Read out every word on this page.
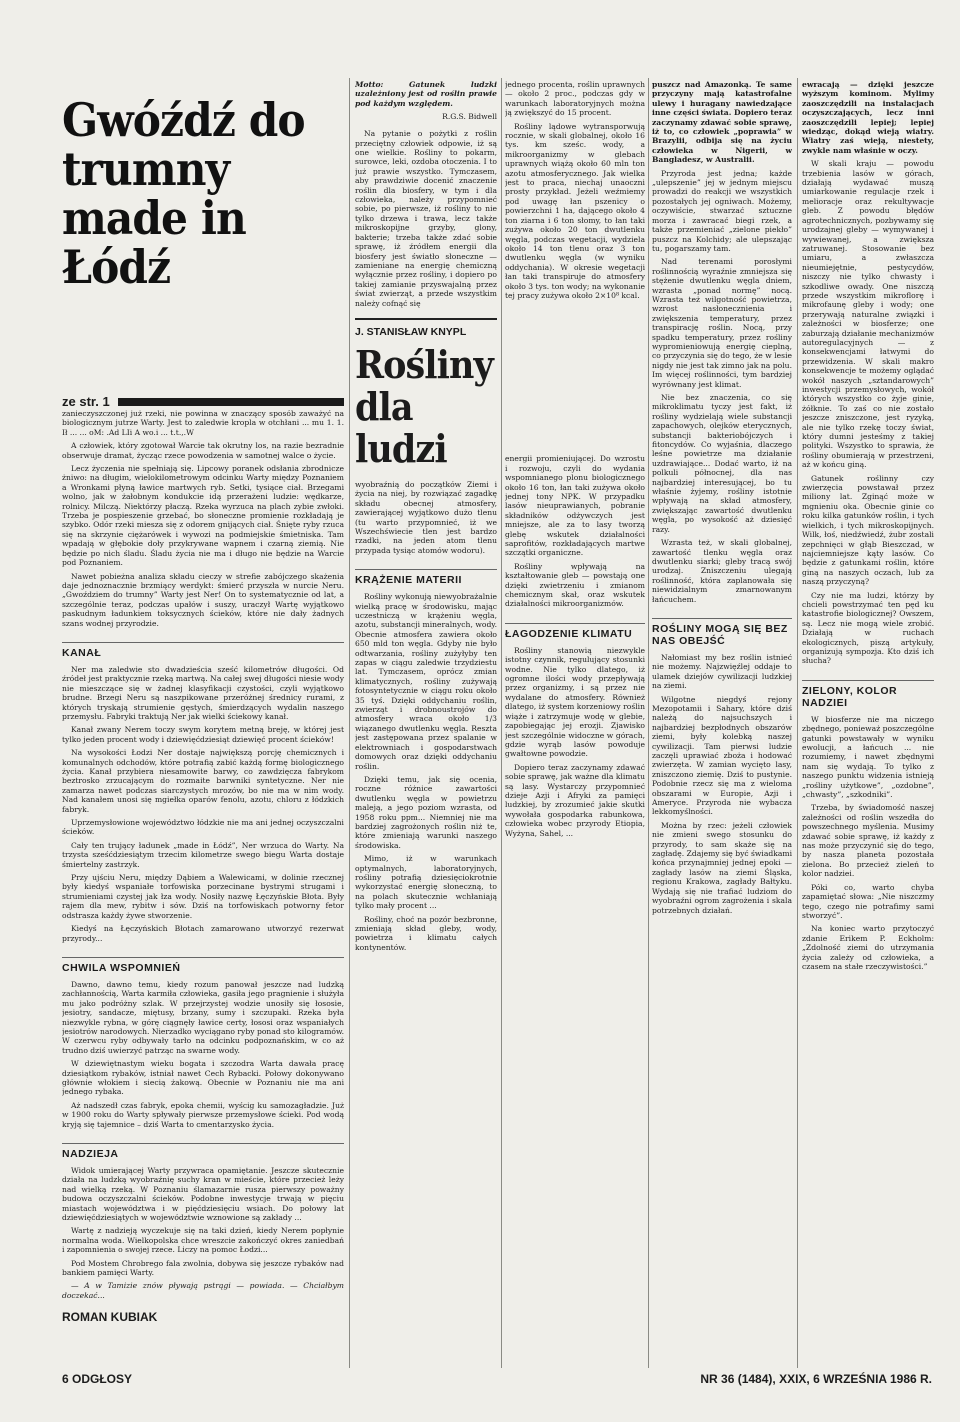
Gwóźdź do trumny made in Łódź
ze str. 1

zanieczyszczonej już rzeki, nie powinna w znaczący sposób zaważyć na biologicznym jutrze Warty. Jest to zaledwie kropla w otchłani ... mu 1. 1. Ił ... ... oM: .Ad LIi A wo.i ... t.t.,.W

A człowiek, który zgotował Warcie tak okrutny los, na razie bezradnie obserwuje dramat, życząc rzece powodzenia w samotnej walce o życie.

Lecz życzenia nie spełniają się. Lipcowy poranek odsłania zbrodnicze żniwo: na długim, wielokilometrowym odcinku Warty między Poznaniem a Wronkami płyną ławice martwych ryb. Setki, tysiące ciał. Brzegami wolno, jak w żałobnym kondukcie idą przerażeni ludzie: wędkarze, rolnicy. Milczą. Niektórzy płaczą. Rzeka wyrzuca na plach zybie zwłoki. Trzeba je pospieszenie grzebać, bo słoneczne promienie rozkładają je szybko. Odór rzeki miesza się z odorem gnijących ciał. Śnięte ryby rzuca się na skrzynie ciężarówek i wywozi na podmiejskie śmietniska. Tam wpadają w głębokie doły przykrywane wapnem i czarną ziemią. Nie będzie po nich śladu. Śladu życia nie ma i długo nie będzie na Warcie pod Poznaniem.

Nawet pobieżna analiza składu cieczy w strefie zabójczego skażenia daje jednoznacznie brzmiący werdykt: śmierć przyszła w nurcie Neru. „Gwoździem do trumny” Warty jest Ner! On to systematycznie od lat, a szczególnie teraz, podczas upałów i suszy, uraczył Wartę wyjątkowo paskudnym ładunkiem toksycznych ścieków, które nie dały żadnych szans wodnej przyrodzie.

KANAŁ

Ner ma zaledwie sto dwadzieścia sześć kilometrów długości. Od źródeł jest praktycznie rzeką martwą. Na całej swej długości niesie wody nie mieszczące się w żadnej klasyfikacji czystości, czyli wyjątkowo brudne. Brzegi Neru są naszpikowane przeróżnej średnicy rurami, z których tryskają strumienie gęstych, śmierdzących wydalin naszego przemysłu. Fabryki traktują Ner jak wielki ściekowy kanał.

Kanał zwany Nerem toczy swym korytem metną breję, w której jest tylko jeden procent wody i dziewięćdziesiąt dziewięć procent ścieków!

Na wysokości Łodzi Ner dostaje największą porcję chemicznych i komunalnych odchodów, które potrafią zabić każdą formę biologicznego życia. Kanał przybiera niesamowite barwy, co zawdzięcza fabrykom beztrosko zrzucającym do rozmaite barwniki syntetyczne. Ner nie zamarza nawet podczas siarczystych mrozów, bo nie ma w nim wody. Nad kanałem unosi się mgiełka oparów fenolu, azotu, chloru z łódzkich fabryk.

Uprzemysłowione województwo łódzkie nie ma ani jednej oczyszczalni ścieków.

Cały ten trujący ładunek „made in Łódź”, Ner wrzuca do Warty. Na trzysta sześćdziesiątym trzecim kilometrze swego biegu Warta dostaje śmiertelny zastrzyk.

Przy ujściu Neru, między Dąbiem a Walewicami, w dolinie rzecznej były kiedyś wspaniałe torfowiska porzecinane bystrymi strugami i strumieniami czystej jak łza wody. Nosiły nazwę Łęczyńskie Błota. Były rajem dla mew, rybitw i sów. Dziś na torfowiskach potworny fetor odstrasza każdy żywe stworzenie.

Kiedyś na Łęczyńskich Błotach zamarowano utworzyć rezerwat przyrody...

CHWILA WSPOMNIEŃ

Dawno, dawno temu, kiedy rozum panował jeszcze nad ludzką zachłannością, Warta karmiła człowieka, gasiła jego pragnienie i służyła mu jako podróżny szlak. W przejrzystej wodzie unosiły się łososie, jesiotry, sandacze, miętusy, brzany, sumy i szczupaki. Rzeka była niezwykle rybna, w górę ciągnęły ławice certy, łososi oraz wspaniałych jesiotrów narodowych. Nierzadko wyciągano ryby ponad sto kilogramów. W czerwcu ryby odbywały tarło na odcinku podpoznańskim, w co aż trudno dziś uwierzyć patrząc na swarne wody.

W dziewiętnastym wieku bogata i szczodra Warta dawała pracę dziesiątkom rybaków, istniał nawet Cech Rybacki. Połowy dokonywano głównie włokiem i siecią żakową. Obecnie w Poznaniu nie ma ani jednego rybaka.

Aż nadszedł czas fabryk, epoka chemii, wyścig ku samozagładzie. Już w 1900 roku do Warty spływały pierwsze przemysłowe ścieki. Pod wodą kryją się tajemnice – dziś Warta to cmentarzysko życia.

NADZIEJA

Widok umierającej Warty przywraca opamiętanie. Jeszcze skutecznie działa na ludzką wyobraźnię suchy kran w mieście, które przecież leży nad wielką rzeką. W Poznaniu ślamazarnie rusza pierwszy poważny budowa oczyszczalni ścieków. Podobne inwestycje trwają w pięciu miastach województwa i w pięćdziesięciu wsiach. Do połowy lat dziewięćdziesiątych w województwie wznowione są zakłady ...

Wartę z nadzieją wyczekuje się na taki dzień, kiedy Nerem popłynie normalna woda. Wielkopolska chce wreszcie zakończyć okres zaniedbań i zapomnienia o swojej rzece. Liczy na pomoc Łodzi...

Pod Mostem Chrobrego fala zwolnia, dobywa się jeszcze rybaków nad bankiem pamięci Warty.

— A w Tamizie znów pływają pstrągi — powiada. — Chciałbym doczekać...

ROMAN KUBIAK

Motto: Gatunek ludzki uzależniony jest od roślin prawie pod każdym względem.

R.G.S. Bidwell

Na pytanie o pożytki z roślin przeciętny człowiek odpowie, iż są one wielkie. Rośliny to pokarm, surowce, leki, ozdoba otoczenia. I to już prawie wszystko. Tymczasem, aby prawdziwie docenić znaczenie roślin dla biosfery, w tym i dla człowieka, należy przypomnieć sobie, po pierwsze, iż rośliny to nie tylko drzewa i trawa, lecz także mikroskopijne grzyby, glony, bakterie; trzeba także zdać sobie sprawę, iż źródłem energii dla biosfery jest światło słoneczne — zamieniane na energię chemiczną wyłącznie przez rośliny, i dopiero po takiej zamianie przyswajalną przez świat zwierząt, a przede wszystkim należy cofnąć się

J. STANISŁAW KNYPL
Rośliny dla ludzi

wyobraźnią do początków Ziemi i życia na niej, by rozwiązać zagadkę składu obecnej atmosfery, zawierającej wyjątkowo dużo tlenu (tu warto przypomnieć, iż we Wszechświecie tlen jest bardzo rzadki, na jeden atom tlenu przypada tysiąc atomów wodoru).

KRĄŻENIE MATERII

Rośliny wykonują niewyobrażalnie wielką pracę w środowisku, mając uczestniczą w krążeniu węgla, azotu, substancji mineralnych, wody. Obecnie atmosfera zawiera około 650 mld ton węgla. Gdyby nie było odtwarzania, rośliny zużyłyby ten zapas w ciągu zaledwie trzydziestu lat. Tymczasem, oprócz zmian klimatycznych, rośliny zużywają fotosyntetycznie w ciągu roku około 35 tyś. Dzięki oddychaniu roślin, zwierząt i drobnoustrojów do atmosfery wraca około 1/3 wiązanego dwutlenku węgla. Reszta jest zastępowana przez spalanie w elektrowniach i gospodarstwach domowych oraz dzięki oddychaniu roślin.

Dzięki temu, jak się ocenia, roczne różnice zawartości dwutlenku węgla w powietrzu maleją, a jego poziom wzrasta, od 1958 roku ppm... Niemniej nie ma bardziej zagrożonych roślin niż te, które zmieniają warunki naszego środowiska.

Mimo, iż w warunkach optymalnych, laboratoryjnych, rośliny potrafią dziesięciokrotnie wykorzystać energię słoneczną, to na polach skutecznie wchłaniają tylko mały procent ...

Rośliny, choć na pozór bezbronne, zmieniają skład gleby, wody, powietrza i klimatu całych kontynentów.

jednego procenta, roślin uprawnych — około 2 proc., podczas gdy w warunkach laboratoryjnych można ją zwiększyć do 15 procent.

Rośliny lądowe wytransporwują rocznie, w skali globalnej, około 16 tys. km sześc. wody, a mikroorganizmy w glebach uprawnych wiążą około 60 mln ton azotu atmosferycznego. Jak wielka jest to praca, niechaj unaoczni prosty przykład. Jeżeli weźmiemy pod uwagę łan pszenicy o powierzchni 1 ha, dającego około 4 ton ziarna i 6 ton słomy, to łan taki zużywa około 20 ton dwutlenku węgla, podczas wegetacji, wydziela około 14 ton tlenu oraz 3 ton dwutlenku węgla (w wyniku oddychania). W okresie wegetacji łan taki transpiruje do atmosfery około 3 tys. ton wody; na wykonanie tej pracy zużywa około 2×10⁸ kcal.

energii promieniującej. Do wzrostu i rozwoju, czyli do wydania wspomnianego plonu biologicznego około 16 ton, łan taki zużywa około jednej tony NPK. W przypadku lasów nieuprawianych, pobranie składników odżywczych jest mniejsze, ale za to lasy tworzą glebę wskutek działalności saprofitów, rozkładających martwe szczątki organiczne.

Rośliny wpływają na kształtowanie gleb — powstają one dzięki zwietrzeniu i zmianom chemicznym skał, oraz wskutek działalności mikroorganizmów.

ŁAGODZENIE KLIMATU

Rośliny stanowią niezwykle istotny czynnik, regulujący stosunki wodne. Nie tylko dlatego, iż ogromne ilości wody przepływają przez organizmy, i są przez nie wydalane do atmosfery. Również dlatego, iż system korzeniowy roślin wiąże i zatrzymuje wodę w glebie, zapobiegając jej erozji. Zjawisko jest szczególnie widoczne w górach, gdzie wyrąb lasów powoduje gwałtowne powodzie.

Dopiero teraz zaczynamy zdawać sobie sprawę, jak ważne dla klimatu są lasy. Wystarczy przypomnieć dzieje Azji i Afryki za pamięci ludzkiej, by zrozumieć jakie skutki wywołała gospodarka rabunkowa, człowieka wobec przyrody Etiopia, Wyżyna, Sahel, ...

puszcz nad Amazonką. Te same przyczyny mają katastrofalne ulewy i huragany nawiedzające inne części świata. Dopiero teraz zaczynamy zdawać sobie sprawę, iż to, co człowiek „poprawia” w Brazylii, odbija się na życiu człowieka w Nigerii, w Bangladesz, w Australii.

Przyroda jest jedna; każde „ulepszenie” jej w jednym miejscu prowadzi do reakcji we wszystkich pozostałych jej ogniwach. Możemy, oczywiście, stwarzać sztuczne morza i zawracać biegi rzek, a także przemieniać „zielone piekło” puszcz na Kolchidy; ale ulepszając tu, pogarszamy tam.

Nad terenami porosłymi roślinnością wyraźnie zmniejsza się stężenie dwutlenku węgla dniem, wzrasta „ponad normę” nocą. Wzrasta też wilgotność powietrza, wzrost nasłonecznienia i zwiększenia temperatury, przez transpirację roślin. Nocą, przy spadku temperatury, przez rośliny wypromieniowują energię cieplną, co przyczynia się do tego, że w lesie nigdy nie jest tak zimno jak na polu. Im więcej roślinności, tym bardziej wyrównany jest klimat.

Nie bez znaczenia, co się mikroklimatu tyczy jest fakt, iż rośliny wydzielają wiele substancji zapachowych, olejków eterycznych, substancji bakteriobójczych i fitoncydów. Co wyjaśnia, dlaczego leśne powietrze ma działanie uzdrawiające... Dodać warto, iż na polkuli północnej, dla nas najbardziej interesującej, bo tu właśnie żyjemy, rośliny istotnie wpływają na skład atmosfery, zwiększając zawartość dwutlenku węgla, po wysokość aż dziesięć razy.

Wzrasta też, w skali globalnej, zawartość tlenku węgla oraz dwutlenku siarki; gleby tracą swój urodzaj. Zniszczeniu ulegają roślinność, która zaplanowała się niewidzialnym zmarnowanym łańcuchem.

ROŚLINY MOGĄ SIĘ BEZ NAS OBEJŚĆ

Nałomiast my bez roślin istnieć nie możemy. Najzwięźlej oddaje to ulamek dziejów cywilizacji ludzkiej na ziemi.

Wilgotne niegdyś rejony Mezopotamii i Sahary, które dziś należą do najsuchszych i najbardziej bezpłodnych obszarów ziemi, były kolebką naszej cywilizacji. Tam pierwsi ludzie zaczęli uprawiać zboża i hodować zwierzęta. W zamian wycięto lasy, zniszczono ziemię. Dziś to pustynie. Podobnie rzecz się ma z wieloma obszarami w Europie, Azji i Ameryce. Przyroda nie wybacza lekkomyślności.

Można by rzec: jeżeli człowiek nie zmieni swego stosunku do przyrody, to sam skaże się na zagładę. Zdajemy się być świadkami końca przynajmniej jednej epoki — zagłady lasów na ziemi Śląska, regionu Krakowa, zagłady Bałtyku. Wydają się nie trafiać ludziom do wyobraźni ogrom zagrożenia i skala potrzebnych działań.

ewracają — dzięki jeszcze wyższym kominom. Mylimy zaoszczędzili na instalacjach oczyszczających, lecz inni zaoszczędzili lepiej; lepiej wiedząc, dokąd wieją wiatry. Wiatry zaś wieją, niestety, zwykle nam właśnie w oczy.

W skali kraju — powodu trzebienia lasów w górach, działają wydawać muszą umiarkowanie regulacje rzek i melioracje oraz rekultywacje gleb. Z powodu błędów agrotechnicznych, pozbywamy się urodzajnej gleby — wymywanej i wywiewanej, a zwiększa zatruwanej. Stosowanie bez umiaru, a zwłaszcza nieumiejętnie, pestycydów, niszczy nie tylko chwasty i szkodliwe owady. One niszczą przede wszystkim mikroflorę i mikrofaunę gleby i wody; one przerywają naturalne związki i zależności w biosferze; one zaburzają działanie mechanizmów autoregulacyjnych — z konsekwencjami łatwymi do przewidzenia. W skali makro konsekwencje te możemy oglądać wokół naszych „sztandarowych” inwestycji przemysłowych, wokół których wszystko co żyje ginie, żółknie. To zaś co nie zostało jeszcze zniszczone, jest ryzyką, ale nie tylko rzekę toczy świat, który dumni jesteśmy z takiej polityki. Wszystko to sprawia, że rośliny obumierają w przestrzeni, aż w końcu giną.

Gatunek roślinny czy zwierzęcia powstawał przez miliony lat. Zginąć może w mgnieniu oka. Obecnie ginie co roku kilka gatunków roślin, i tych wielkich, i tych mikroskopijnych. Wilk, łoś, niedźwiedź, żubr zostali zepchnięci w głąb Bieszczad, w najciemniejsze kąty lasów. Co będzie z gatunkami roślin, które giną na naszych oczach, lub za naszą przyczyną?

Czy nie ma ludzi, którzy by chcieli powstrzymać ten pęd ku katastrofie biologicznej? Owszem, są. Lecz nie mogą wiele zrobić. Działają w ruchach ekologicznych, piszą artykuły, organizują sympozja. Kto dziś ich słucha?

ZIELONY, KOLOR NADZIEI

W biosferze nie ma niczego zbędnego, ponieważ poszczególne gatunki powstawały w wyniku ewolucji, a łańcuch ... nie rozumiemy, i nawet zbędnymi nam się wydają. To tylko z naszego punktu widzenia istnieją „rośliny użytkowe”, „ozdobne”, „chwasty”, „szkodniki”.

Trzeba, by świadomość naszej zależności od roślin wszedła do powszechnego myślenia. Musimy zdawać sobie sprawę, iż każdy z nas może przyczynić się do tego, by nasza planeta pozostała zielona. Bo przecież zieleń to kolor nadziei.

Póki co, warto chyba zapamiętać słowa: „Nie niszczmy tego, czego nie potrafimy sami stworzyć”.

Na koniec warto przytoczyć zdanie Erikem P. Eckholm: „Zdolność ziemi do utrzymania życia zależy od człowieka, a czasem na stałe rzeczywistości.”

6 ODGŁOSY	NR 36 (1484), XXIX, 6 WRZEŚNIA 1986 R.
